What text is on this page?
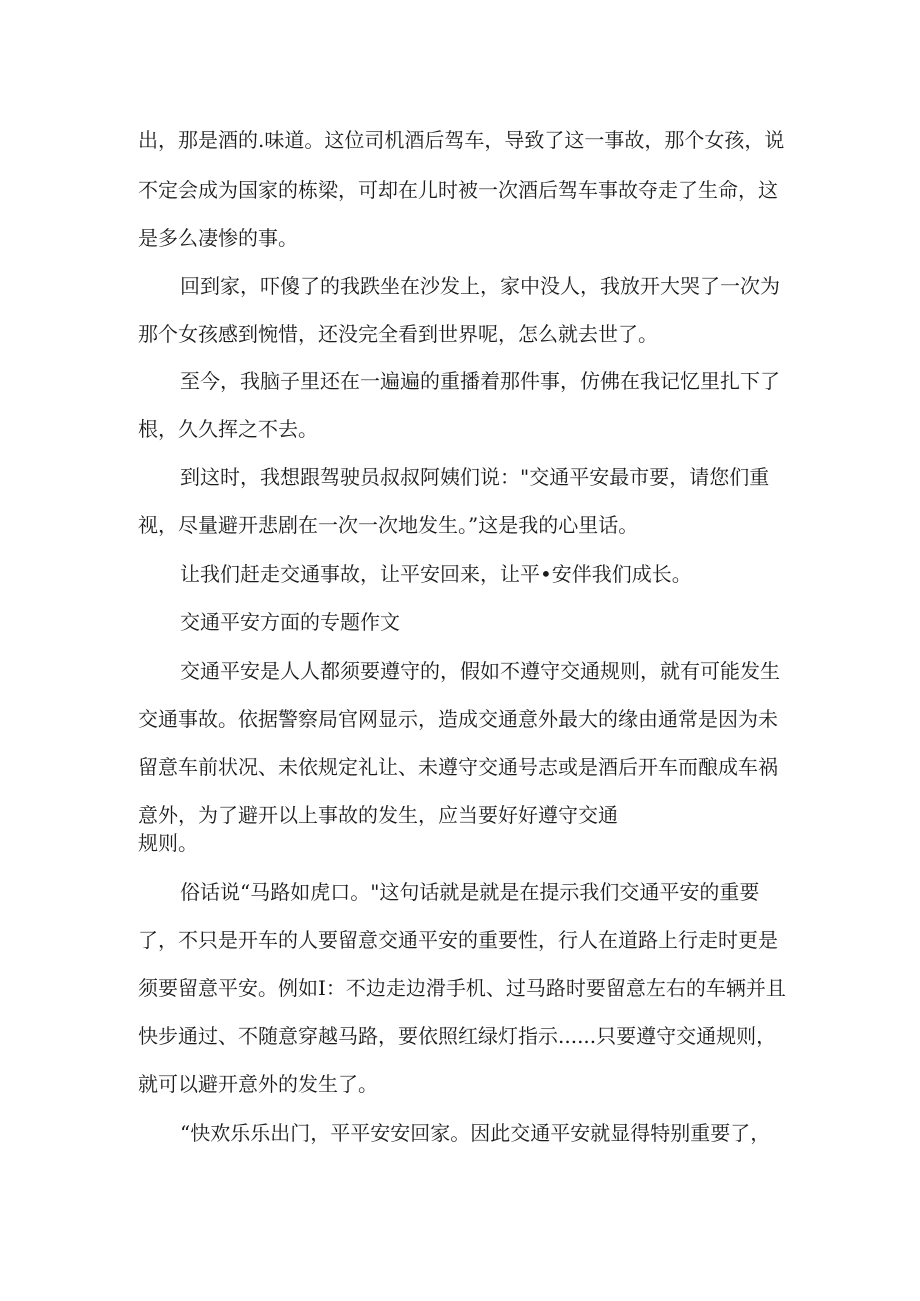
出，那是酒的.味道。这位司机酒后驾车，导致了这一事故，那个女孩，说

不定会成为国家的栋梁，可却在儿时被一次酒后驾车事故夺走了生命，这

是多么凄惨的事。

回到家，吓傻了的我跌坐在沙发上，家中没人，我放开大哭了一次为

那个女孩感到惋惜，还没完全看到世界呢，怎么就去世了。

至今，我脑子里还在一遍遍的重播着那件事，仿佛在我记忆里扎下了

根，久久挥之不去。

到这时，我想跟驾驶员叔叔阿姨们说："交通平安最市要，请您们重

视，尽量避开悲剧在一次一次地发生。”这是我的心里话。

让我们赶走交通事故，让平安回来，让平•安伴我们成长。

交通平安方面的专题作文

交通平安是人人都须要遵守的，假如不遵守交通规则，就有可能发生

交通事故。依据警察局官网显示，造成交通意外最大的缘由通常是因为未

留意车前状况、未依规定礼让、未遵守交通号志或是酒后开车而酿成车祸

意外，为了避开以上事故的发生，应当要好好遵守交通

规则。

俗话说“马路如虎口。"这句话就是就是在提示我们交通平安的重要

了，不只是开车的人要留意交通平安的重要性，行人在道路上行走时更是

须要留意平安。例如I：不边走边滑手机、过马路时要留意左右的车辆并且

快步通过、不随意穿越马路，要依照红绿灯指示......只要遵守交通规则，

就可以避开意外的发生了。

“快欢乐乐出门，平平安安回家。因此交通平安就显得特别重要了，
